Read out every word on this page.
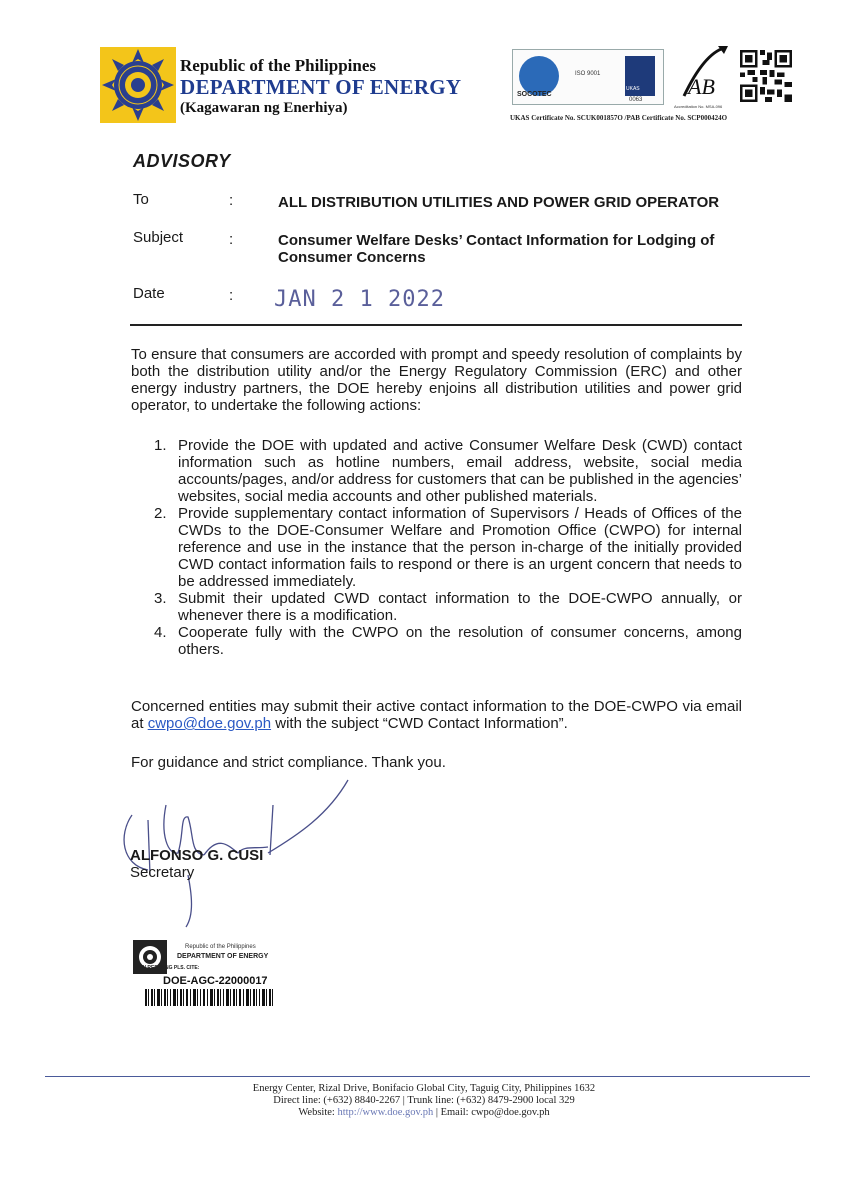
Republic of the Philippines
DEPARTMENT OF ENERGY
(Kagawaran ng Enerhiya)
SOCOTEC
ISO 9001
UKAS
0063
AB
Accreditation No. MSA-096
UKAS Certificate No. SCUK001857O /PAB Certificate No. SCP000424O
ADVISORY
To	:	ALL DISTRIBUTION UTILITIES AND POWER GRID OPERATOR
Subject	:	Consumer Welfare Desks’ Contact Information for Lodging of Consumer Concerns
Date	: JAN 2 1 2022
To ensure that consumers are accorded with prompt and speedy resolution of complaints by both the distribution utility and/or the Energy Regulatory Commission (ERC) and other energy industry partners, the DOE hereby enjoins all distribution utilities and power grid operator, to undertake the following actions:
1. Provide the DOE with updated and active Consumer Welfare Desk (CWD) contact information such as hotline numbers, email address, website, social media accounts/pages, and/or address for customers that can be published in the agencies’ websites, social media accounts and other published materials.
2. Provide supplementary contact information of Supervisors / Heads of Offices of the CWDs to the DOE-Consumer Welfare and Promotion Office (CWPO) for internal reference and use in the instance that the person in-charge of the initially provided CWD contact information fails to respond or there is an urgent concern that needs to be addressed immediately.
3. Submit their updated CWD contact information to the DOE-CWPO annually, or whenever there is a modification.
4. Cooperate fully with the CWPO on the resolution of consumer concerns, among others.
Concerned entities may submit their active contact information to the DOE-CWPO via email at cwpo@doe.gov.ph with the subject “CWD Contact Information”.
For guidance and strict compliance. Thank you.
ALFONSO G. CUSI
Secretary
Republic of the Philippines
DEPARTMENT OF ENERGY
IN REPLYING PLS. CITE:
DOE-AGC-22000017
Energy Center, Rizal Drive, Bonifacio Global City, Taguig City, Philippines 1632
Direct line: (+632) 8840-2267 | Trunk line: (+632) 8479-2900 local 329
Website: http://www.doe.gov.ph | Email: cwpo@doe.gov.ph
